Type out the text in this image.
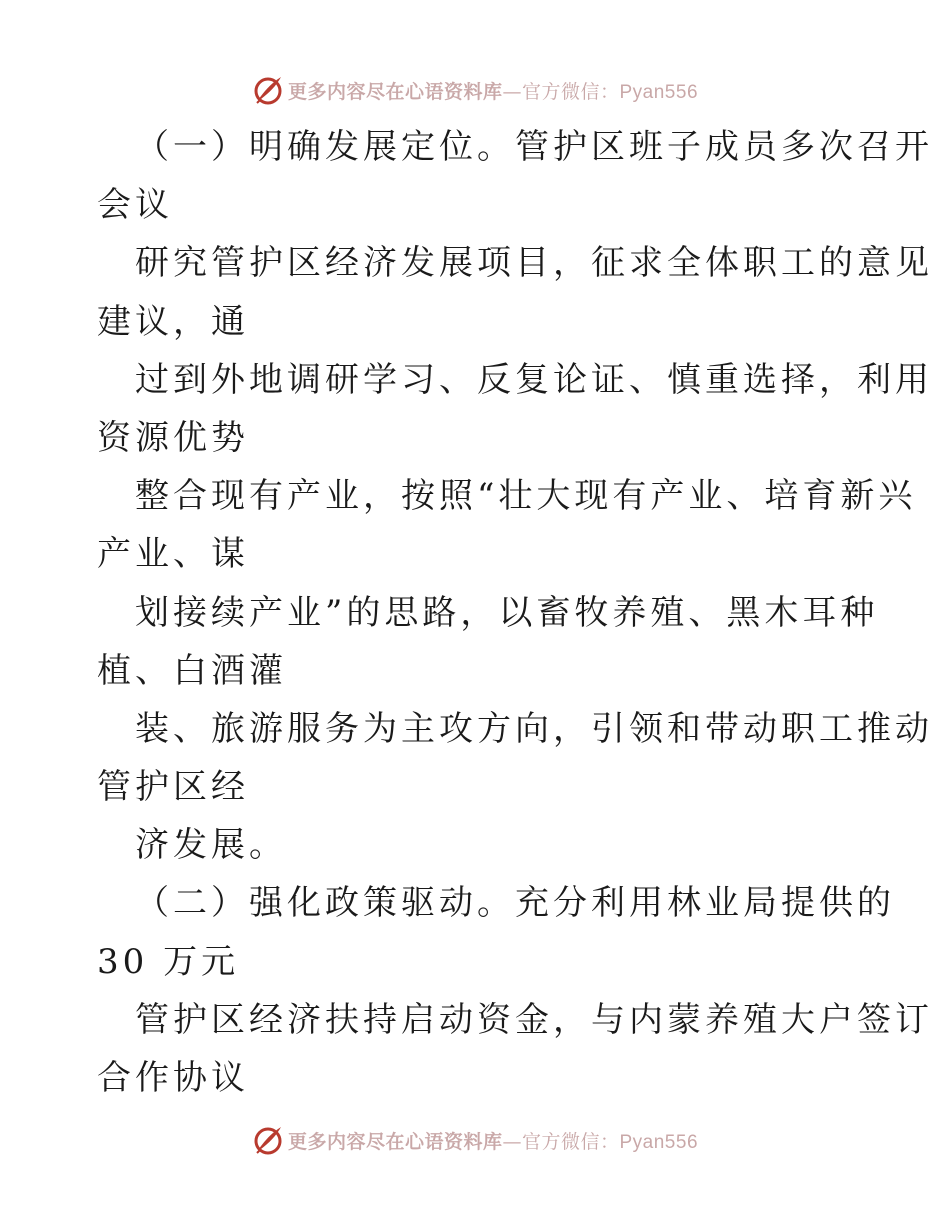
更多内容尽在心语资料库—官方微信：Pyan556
（一）明确发展定位。管护区班子成员多次召开
会议
研究管护区经济发展项目，征求全体职工的意见
建议，通
过到外地调研学习、反复论证、慎重选择，利用
资源优势
整合现有产业，按照“壮大现有产业、培育新兴
产业、谋
划接续产业”的思路，以畜牧养殖、黑木耳种
植、白酒灌
装、旅游服务为主攻方向，引领和带动职工推动
管护区经
济发展。
（二）强化政策驱动。充分利用林业局提供的
30 万元
管护区经济扶持启动资金，与内蒙养殖大户签订
合作协议
更多内容尽在心语资料库—官方微信：Pyan556
